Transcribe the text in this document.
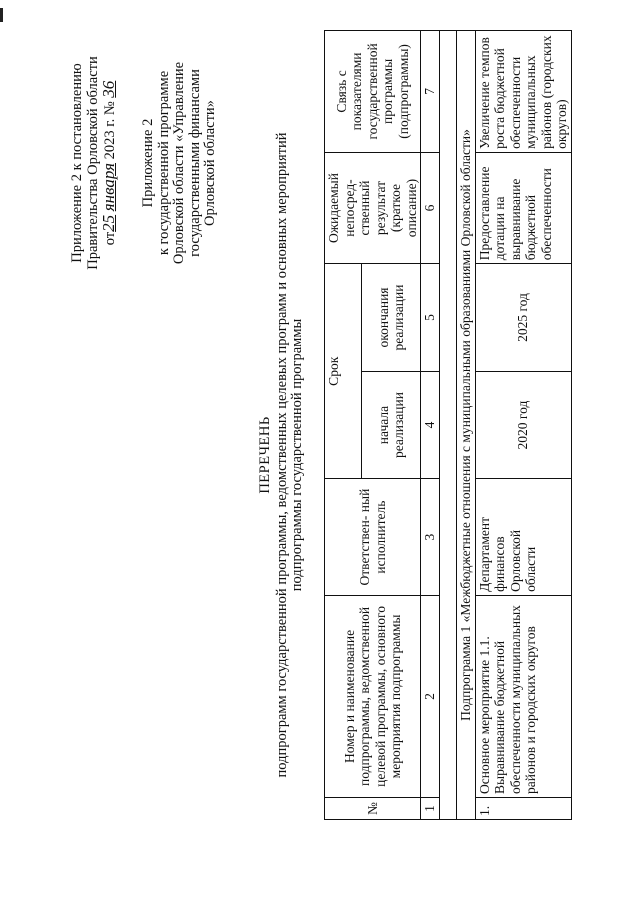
Приложение 2 к постановлению Правительства Орловской области от25 января 2023 г. № 36
Приложение 2 к государственной программе Орловской области «Управление государственными финансами Орловской области»
ПЕРЕЧЕНЬ подпрограмм государственной программы, ведомственных целевых программ и основных мероприятий подпрограммы государственной программы
№	Номер и наименование подпрограммы, ведомственной целевой программы, основного мероприятия подпрограммы	Ответствен- ный исполнитель	Срок		Ожидаемый непосред- ственный результат (краткое описание)	Связь с показателями государственной программы (подпрограммы)
			начала реализации	окончания реализации		
1	2	3	4	5	6	7

Подпрограмма 1 «Межбюджетные отношения с муниципальными образованиями Орловской области»						
1.	Основное мероприятие 1.1. Выравнивание бюджетной обеспеченности муниципальных районов и городских округов	Департамент финансов Орловской области	2020 год	2025 год	Предоставление дотации на выравнивание бюджетной обеспеченности	Увеличение темпов роста бюджетной обеспеченности муниципальных районов (городских округов)
